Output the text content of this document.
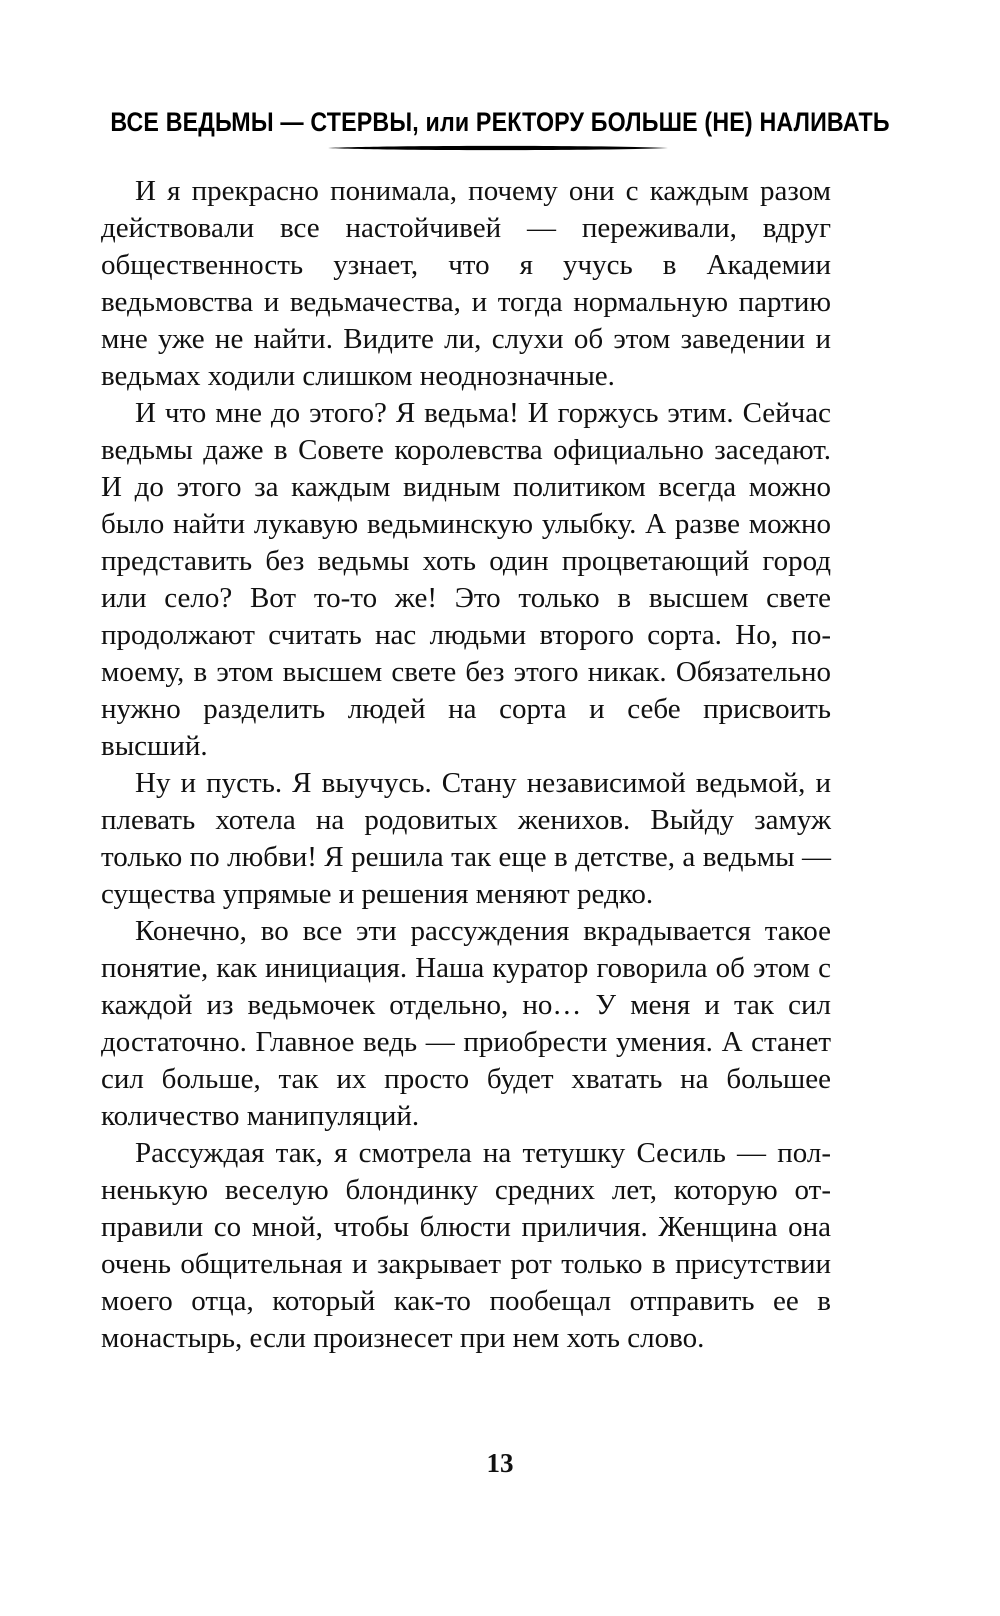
ВСЕ ВЕДЬМЫ — СТЕРВЫ, или РЕКТОРУ БОЛЬШЕ (НЕ) НАЛИВАТЬ

И я прекрасно понимала, почему они с каждым разом действовали все настойчивей — переживали, вдруг общественность узнает, что я учусь в Академии ведьмовства и ведьмачества, и тогда нормальную партию мне уже не найти. Видите ли, слухи об этом заведении и ведьмах ходили слишком неоднозначные.

И что мне до этого? Я ведьма! И горжусь этим. Сейчас ведьмы даже в Совете королевства официально заседают. И до этого за каждым видным политиком всегда можно было найти лукавую ведьминскую улыбку. А разве можно представить без ведьмы хоть один процветающий город или село? Вот то-то же! Это только в высшем свете продолжают считать нас людьми второго сорта. Но, по-моему, в этом высшем свете без этого никак. Обязательно нужно разделить людей на сорта и себе присвоить высший.

Ну и пусть. Я выучусь. Стану независимой ведьмой, и плевать хотела на родовитых женихов. Выйду замуж только по любви! Я решила так еще в детстве, а ведьмы — существа упрямые и решения меняют редко.

Конечно, во все эти рассуждения вкрадывается такое понятие, как инициация. Наша куратор говорила об этом с каждой из ведьмочек отдельно, но… У меня и так сил достаточно. Главное ведь — приобрести умения. А станет сил больше, так их просто будет хватать на большее количество манипуляций.

Рассуждая так, я смотрела на тетушку Сесиль — полненькую веселую блондинку средних лет, которую отправили со мной, чтобы блюсти приличия. Женщина она очень общительная и закрывает рот только в присутствии моего отца, который как-то пообещал отправить ее в монастырь, если произнесет при нем хоть слово.

13
